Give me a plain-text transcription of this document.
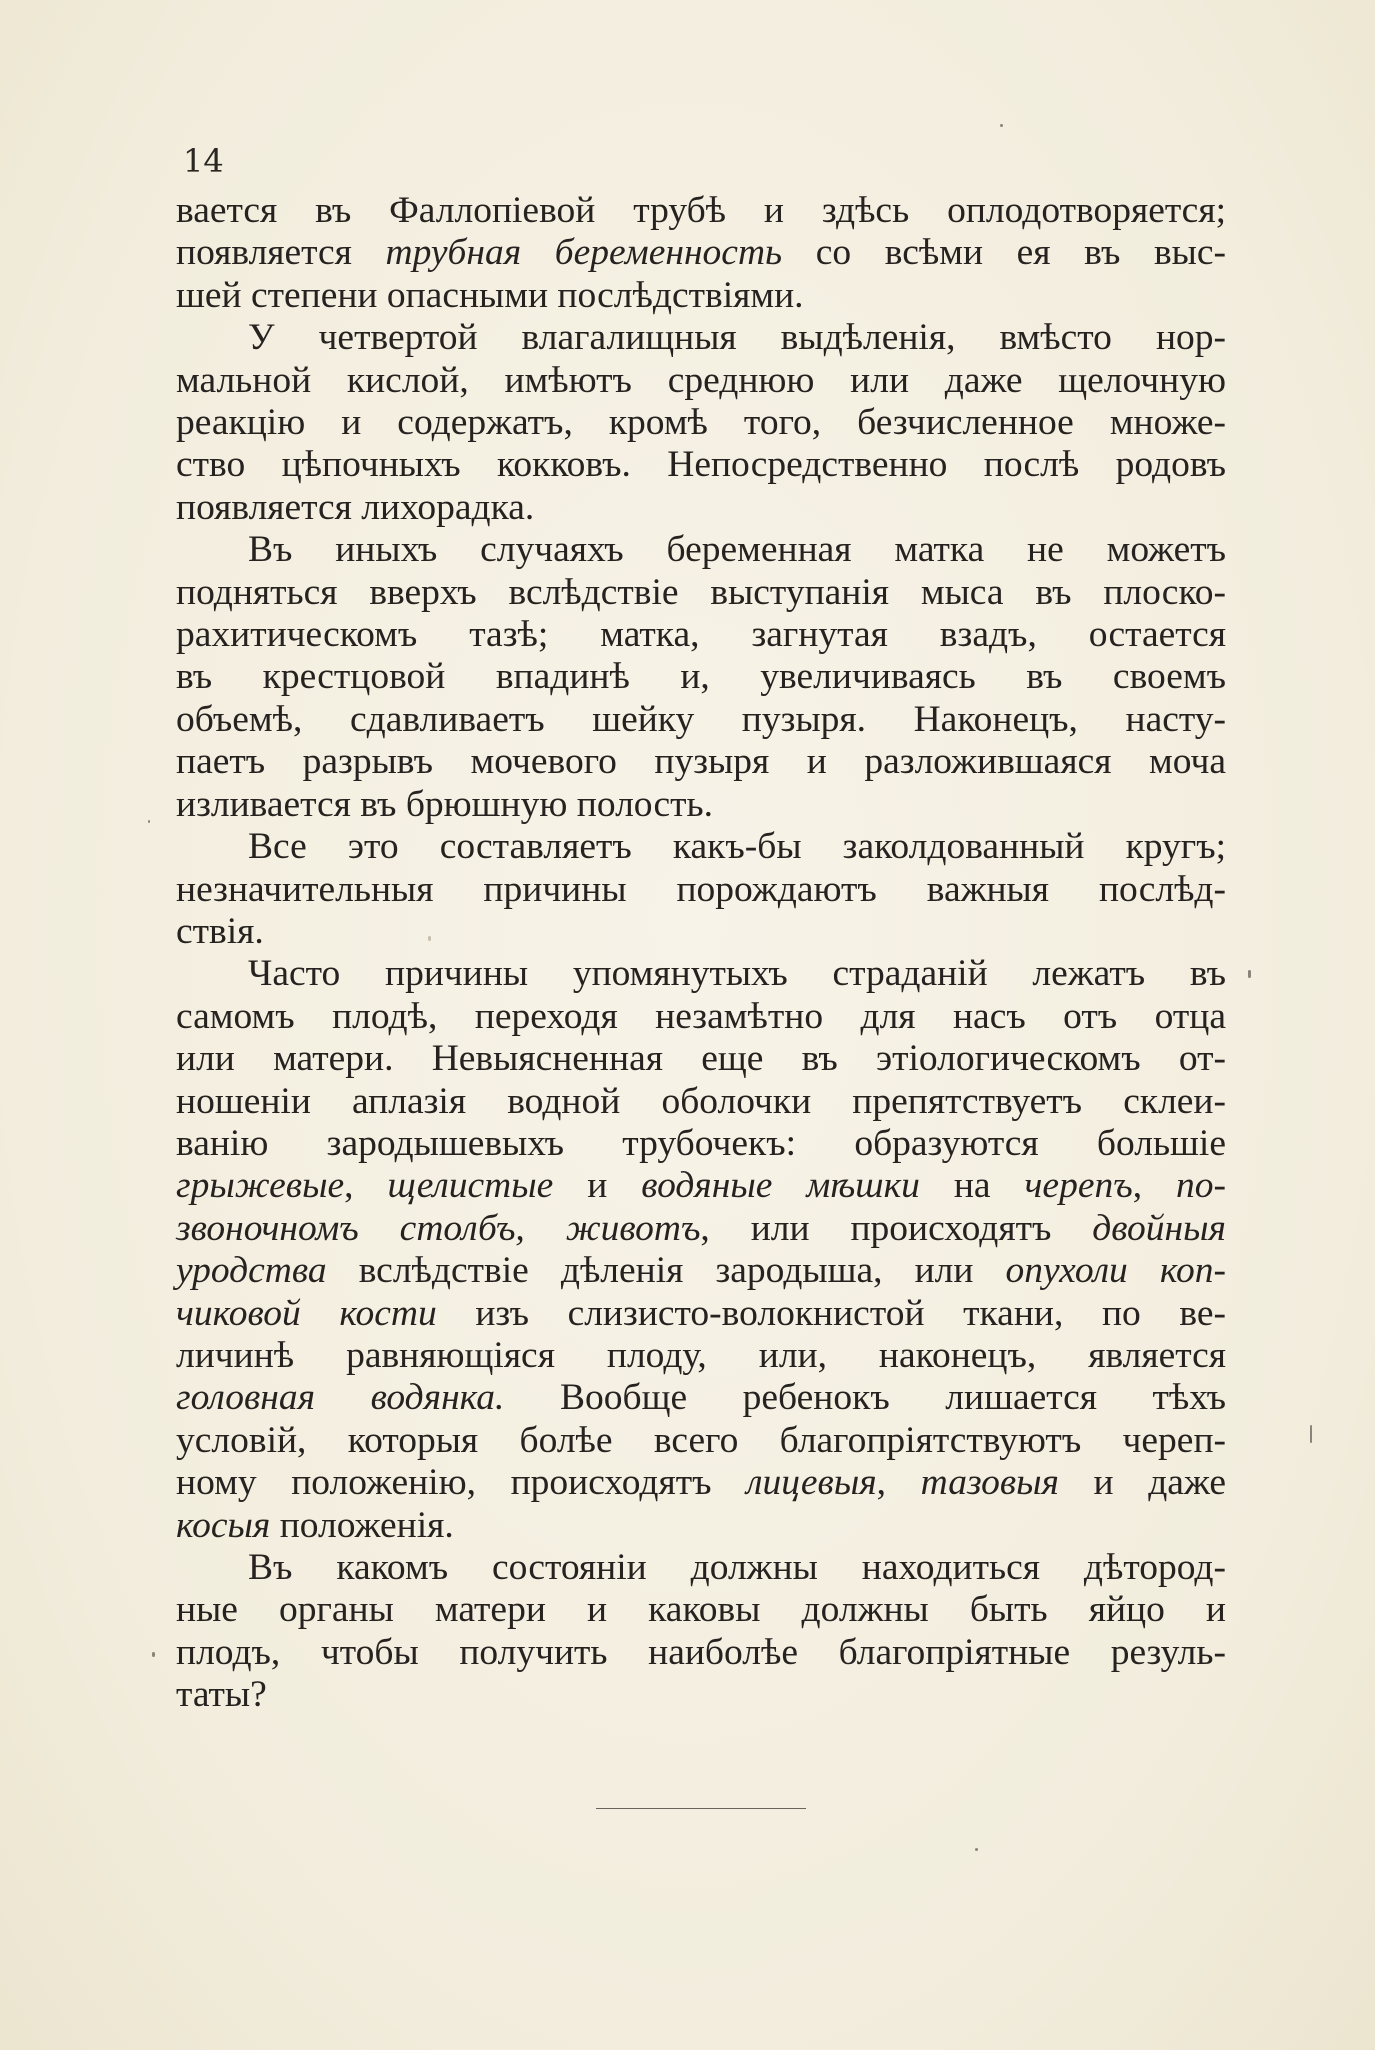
14

вается въ Фаллопіевой трубѣ и здѣсь оплодотворяется;
появляется трубная беременность со всѣми ея въ выс-
шей степени опасными послѣдствіями.

У четвертой влагалищныя выдѣленія, вмѣсто нор-
мальной кислой, имѣютъ среднюю или даже щелочную
реакцію и содержатъ, кромѣ того, безчисленное множе-
ство цѣпочныхъ кокковъ. Непосредственно послѣ родовъ
появляется лихорадка.

Въ иныхъ случаяхъ беременная матка не можетъ
подняться вверхъ вслѣдствіе выступанія мыса въ плоско-
рахитическомъ тазѣ; матка, загнутая взадъ, остается
въ крестцовой впадинѣ и, увеличиваясь въ своемъ
объемѣ, сдавливаетъ шейку пузыря. Наконецъ, насту-
паетъ разрывъ мочевого пузыря и разложившаяся моча
изливается въ брюшную полость.

Все это составляетъ какъ-бы заколдованный кругъ;
незначительныя причины порождаютъ важныя послѣд-
ствія.

Часто причины упомянутыхъ страданій лежатъ въ
самомъ плодѣ, переходя незамѣтно для насъ отъ отца
или матери. Невыясненная еще въ этіологическомъ от-
ношеніи аплазія водной оболочки препятствуетъ склеи-
ванію зародышевыхъ трубочекъ: образуются большіе
грыжевые, щелистые и водяные мѣшки на черепъ, по-
звоночномъ столбъ, животъ, или происходятъ двойныя
уродства вслѣдствіе дѣленія зародыша, или опухоли коп-
чиковой кости изъ слизисто-волокнистой ткани, по ве-
личинѣ равняющіяся плоду, или, наконецъ, является
головная водянка. Вообще ребенокъ лишается тѣхъ
условій, которыя болѣе всего благопріятствуютъ череп-
ному положенію, происходятъ лицевыя, тазовыя и даже
косыя положенія.

Въ какомъ состояніи должны находиться дѣтород-
ные органы матери и каковы должны быть яйцо и
плодъ, чтобы получить наиболѣе благопріятные резуль-
таты?
